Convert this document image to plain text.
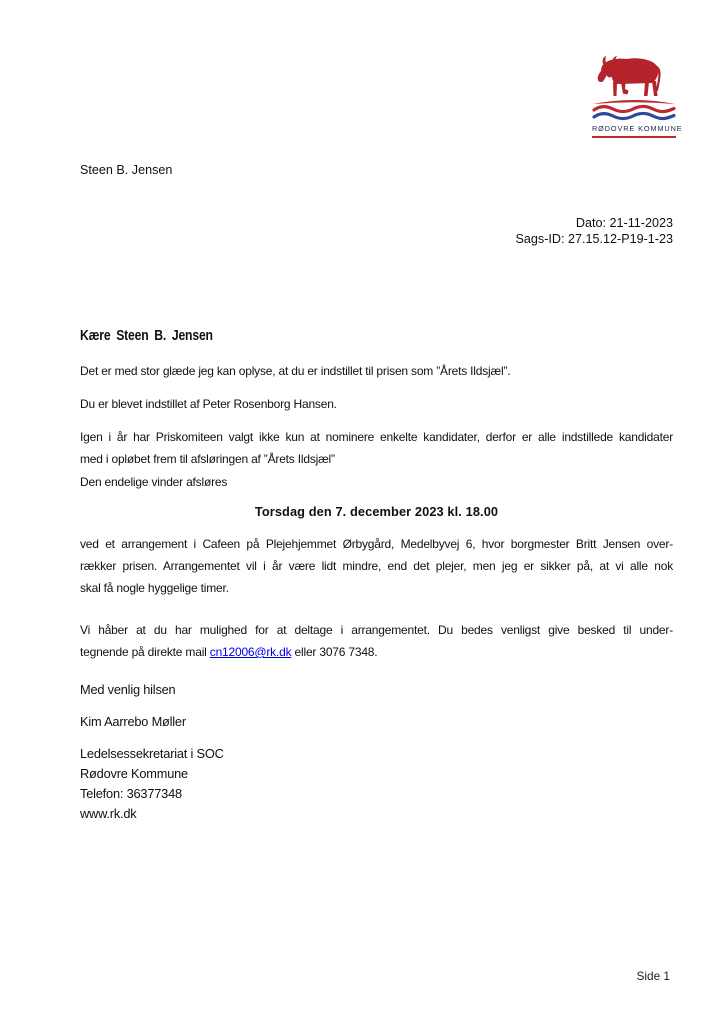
RØDOVRE KOMMUNE
Steen B. Jensen
Dato: 21-11-2023
Sags-ID: 27.15.12-P19-1-23
Kære Steen B. Jensen
Det er med stor glæde jeg kan oplyse, at du er indstillet til prisen som ”Årets Ildsjæl”.
Du er blevet indstillet af Peter Rosenborg Hansen.
Igen i år har Priskomiteen valgt ikke kun at nominere enkelte kandidater, derfor er alle indstillede kandidater
med i opløbet frem til afsløringen af ”Årets Ildsjæl”
Den endelige vinder afsløres
Torsdag den 7. december 2023 kl. 18.00
ved et arrangement i Cafeen på Plejehjemmet Ørbygård, Medelbyvej 6, hvor borgmester Britt Jensen over-
rækker prisen. Arrangementet vil i år være lidt mindre, end det plejer, men jeg er sikker på, at vi alle nok
skal få nogle hyggelige timer.
Vi håber at du har mulighed for at deltage i arrangementet. Du bedes venligst give besked til under-
tegnende på direkte mail cn12006@rk.dk eller 3076 7348.
Med venlig hilsen
Kim Aarrebo Møller
Ledelsessekretariat i SOC
Rødovre Kommune
Telefon: 36377348
www.rk.dk
Side 1
